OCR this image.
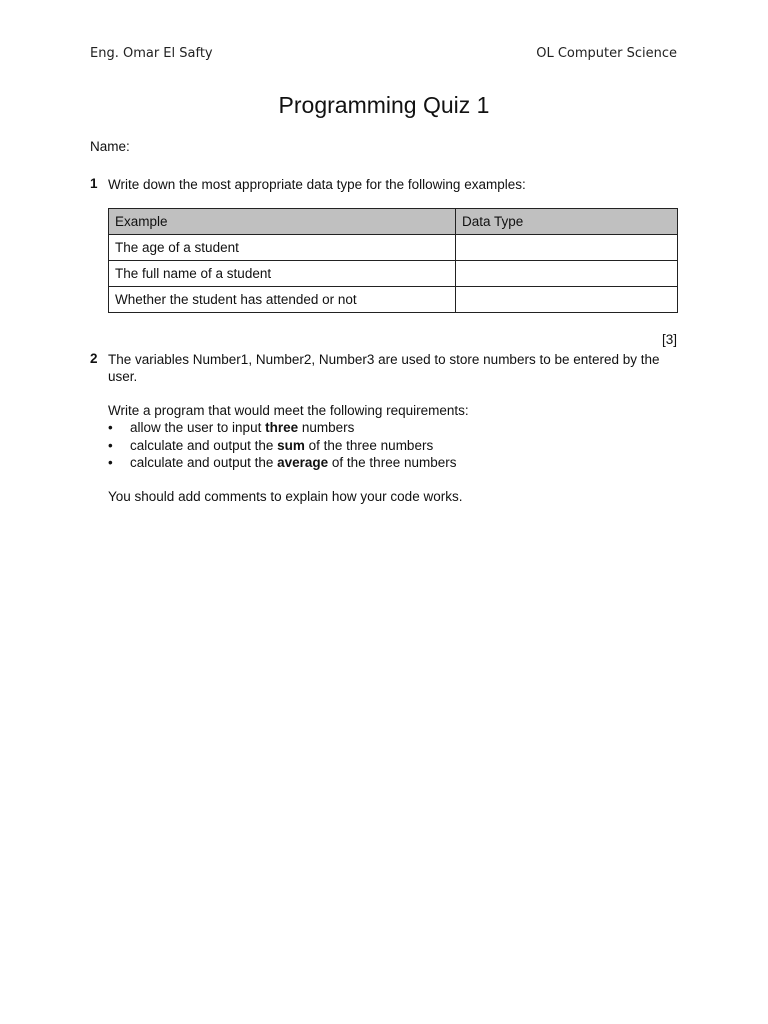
Eng. Omar El Safty	OL Computer Science
Programming Quiz 1
Name:
1 Write down the most appropriate data type for the following examples:
Example	Data Type
The age of a student	
The full name of a student	
Whether the student has attended or not	
[3]
2 The variables Number1, Number2, Number3 are used to store numbers to be entered by the user.
Write a program that would meet the following requirements:
• allow the user to input three numbers
• calculate and output the sum of the three numbers
• calculate and output the average of the three numbers
You should add comments to explain how your code works.
